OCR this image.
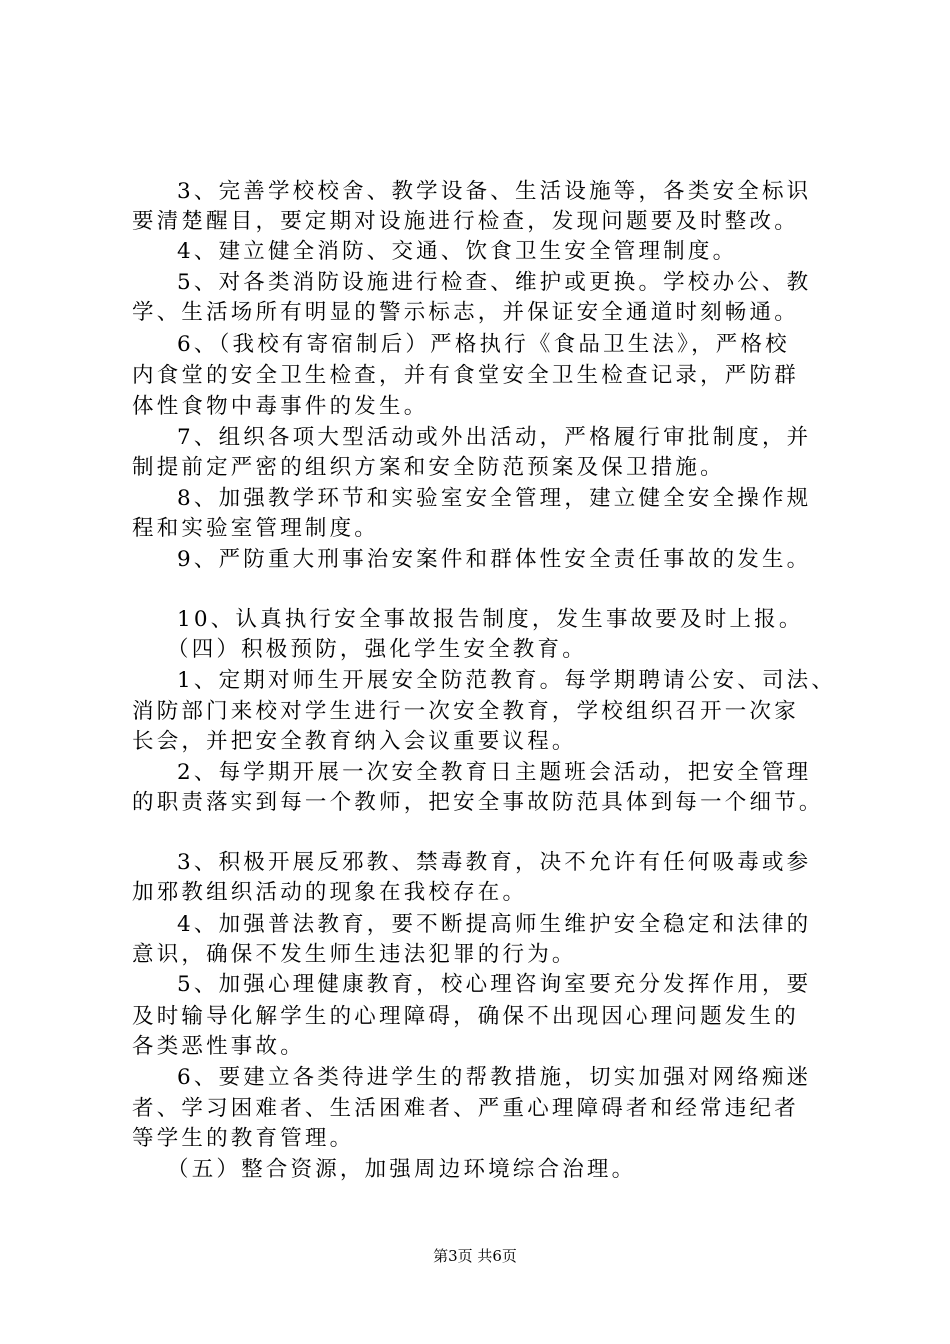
3、完善学校校舍、教学设备、生活设施等，各类安全标识
要清楚醒目，要定期对设施进行检查，发现问题要及时整改。
4、建立健全消防、交通、饮食卫生安全管理制度。
5、对各类消防设施进行检查、维护或更换。学校办公、教
学、生活场所有明显的警示标志，并保证安全通道时刻畅通。
6、（我校有寄宿制后）严格执行《食品卫生法》，严格校
内食堂的安全卫生检查，并有食堂安全卫生检查记录，严防群
体性食物中毒事件的发生。
7、组织各项大型活动或外出活动，严格履行审批制度，并
制提前定严密的组织方案和安全防范预案及保卫措施。
8、加强教学环节和实验室安全管理，建立健全安全操作规
程和实验室管理制度。
9、严防重大刑事治安案件和群体性安全责任事故的发生。
10、认真执行安全事故报告制度，发生事故要及时上报。
（四）积极预防，强化学生安全教育。
1、定期对师生开展安全防范教育。每学期聘请公安、司法、
消防部门来校对学生进行一次安全教育，学校组织召开一次家
长会，并把安全教育纳入会议重要议程。
2、每学期开展一次安全教育日主题班会活动，把安全管理
的职责落实到每一个教师，把安全事故防范具体到每一个细节。
3、积极开展反邪教、禁毒教育，决不允许有任何吸毒或参
加邪教组织活动的现象在我校存在。
4、加强普法教育，要不断提高师生维护安全稳定和法律的
意识，确保不发生师生违法犯罪的行为。
5、加强心理健康教育，校心理咨询室要充分发挥作用，要
及时输导化解学生的心理障碍，确保不出现因心理问题发生的
各类恶性事故。
6、要建立各类待进学生的帮教措施，切实加强对网络痴迷
者、学习困难者、生活困难者、严重心理障碍者和经常违纪者
等学生的教育管理。
（五）整合资源，加强周边环境综合治理。
第3页 共6页
